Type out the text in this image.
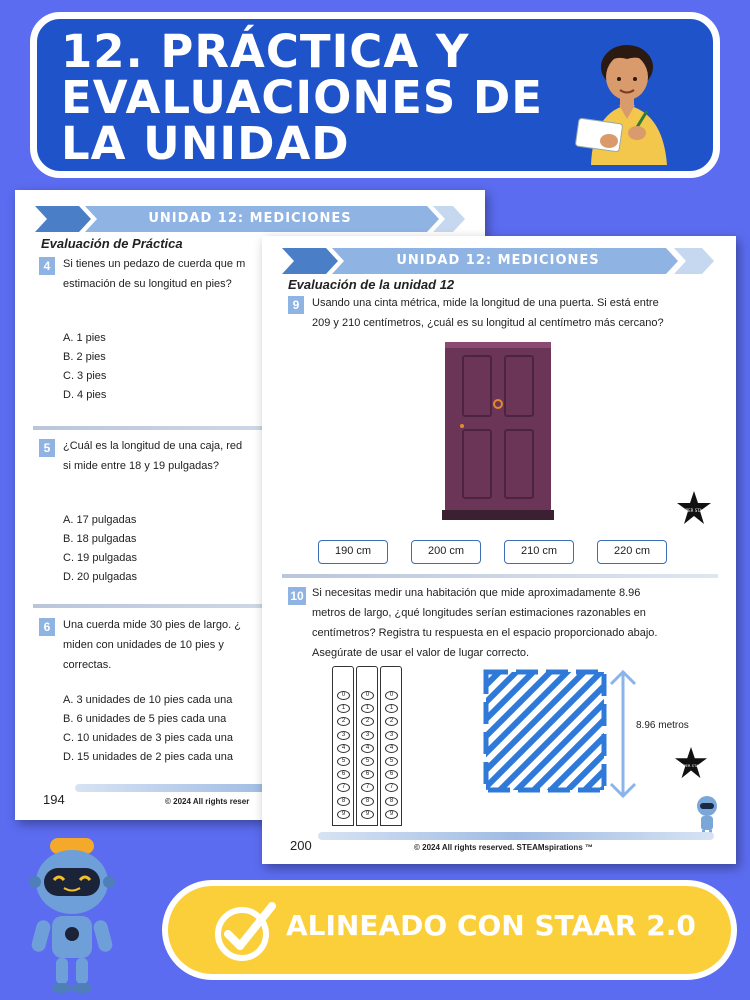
12. PRÁCTICA Y
EVALUACIONES DE
LA UNIDAD
UNIDAD 12: MEDICIONES
Evaluación de Práctica
4	Si tienes un pedazo de cuerda que m
estimación de su longitud en pies?
A. 1 pies
B. 2 pies
C. 3 pies
D. 4 pies
5	¿Cuál es la longitud de una caja, red
si mide entre 18 y 19 pulgadas?
A. 17 pulgadas
B. 18 pulgadas
C. 19 pulgadas
D. 20 pulgadas
6	Una cuerda mide 30 pies de largo. ¿
miden con unidades de 10 pies y
correctas.
A. 3 unidades de 10 pies cada una
B. 6 unidades de 5 pies cada una
C. 10 unidades de 3 pies cada una
D. 15 unidades de 2 pies cada una
194	© 2024 All rights reser
UNIDAD 12: MEDICIONES
Evaluación de la unidad 12
9	Usando una cinta métrica, mide la longitud de una puerta. Si está entre
209 y 210 centímetros, ¿cuál es su longitud al centímetro más cercano?
SUPER STAAR
190 cm	200 cm	210 cm	220 cm
10 Si necesitas medir una habitación que mide aproximadamente 8.96
metros de largo, ¿qué longitudes serían estimaciones razonables en
centímetros? Registra tu respuesta en el espacio proporcionado abajo.
Asegúrate de usar el valor de lugar correcto.
0
1
2
3
4
5
6
7
8
9
0
1
2
3
4
5
6
7
8
9
0
1
2
3
4
5
6
7
8
9
8.96 metros
SUPER STAAR
200	© 2024 All rights reserved. STEAMspirations ™
ALINEADO CON STAAR 2.0
